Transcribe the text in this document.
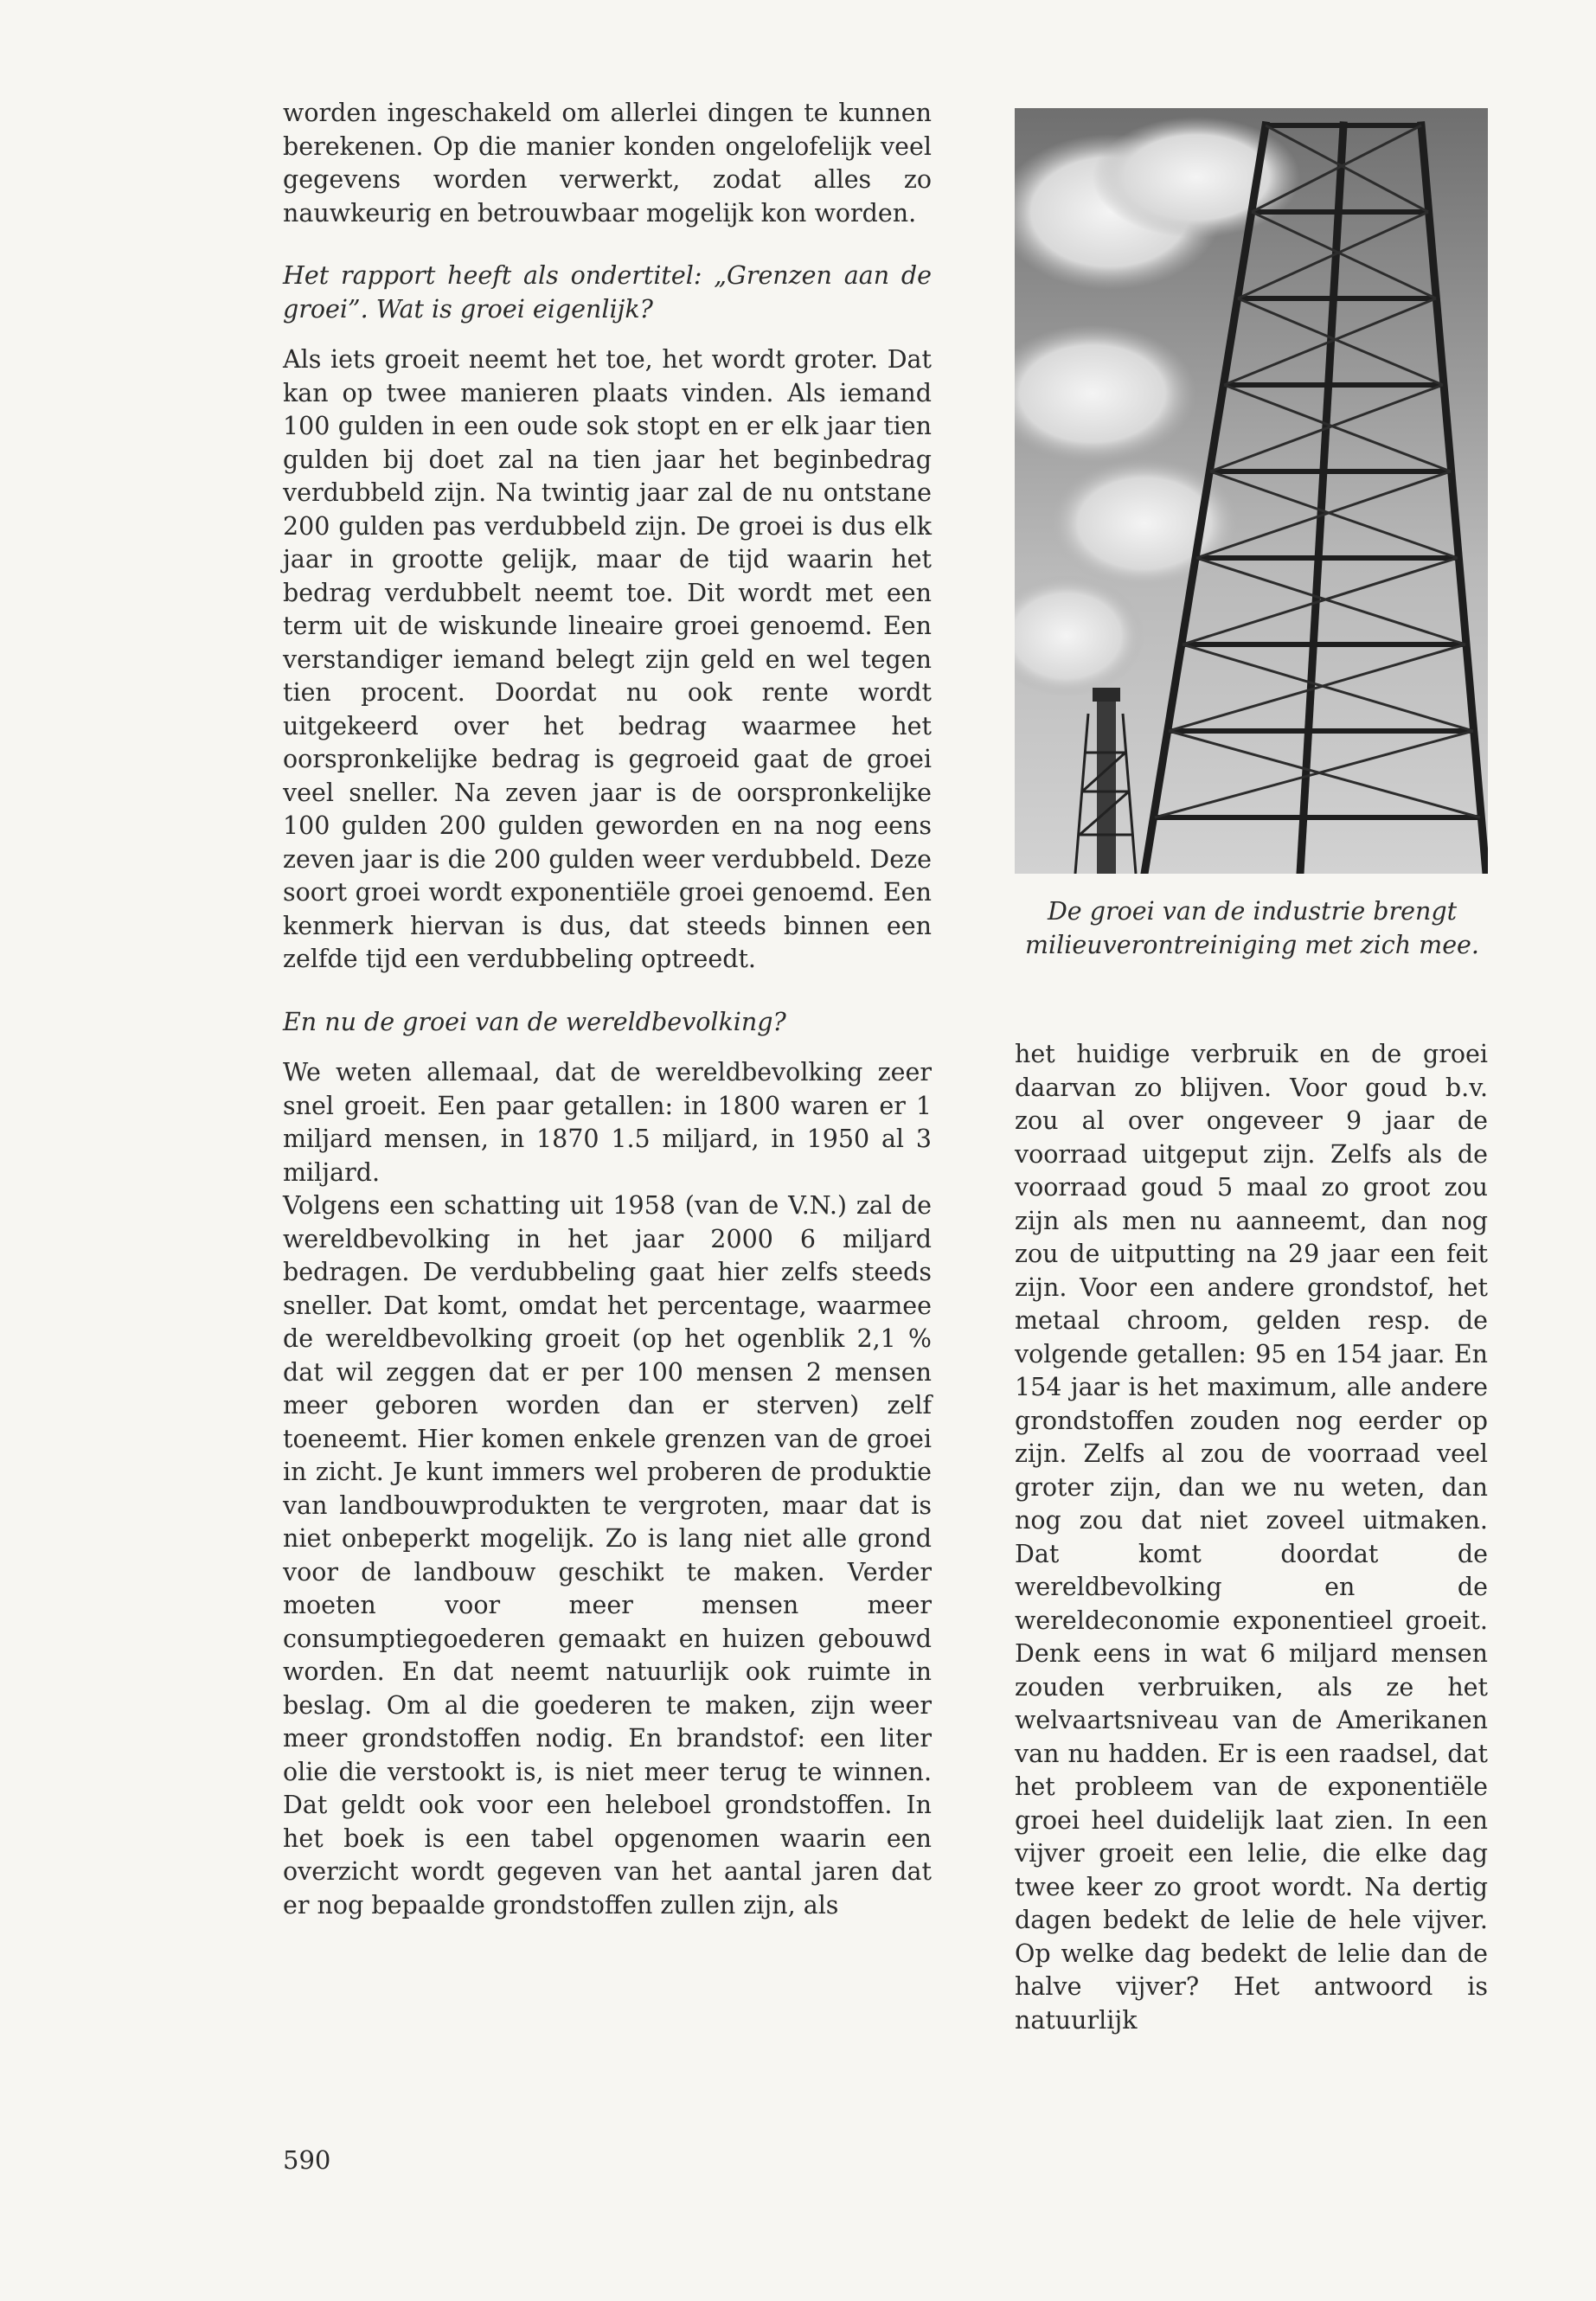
worden ingeschakeld om allerlei dingen te kunnen berekenen. Op die manier konden ongelofelijk veel gegevens worden verwerkt, zodat alles zo nauwkeurig en betrouwbaar mogelijk kon worden.

Het rapport heeft als ondertitel: „Grenzen aan de groei”. Wat is groei eigenlijk?

Als iets groeit neemt het toe, het wordt groter. Dat kan op twee manieren plaats vinden. Als iemand 100 gulden in een oude sok stopt en er elk jaar tien gulden bij doet zal na tien jaar het beginbedrag verdubbeld zijn. Na twintig jaar zal de nu ontstane 200 gulden pas verdubbeld zijn. De groei is dus elk jaar in grootte gelijk, maar de tijd waarin het bedrag verdubbelt neemt toe. Dit wordt met een term uit de wiskunde lineaire groei genoemd. Een verstandiger iemand belegt zijn geld en wel tegen tien procent. Doordat nu ook rente wordt uitgekeerd over het bedrag waarmee het oorspronkelijke bedrag is gegroeid gaat de groei veel sneller. Na zeven jaar is de oorspronkelijke 100 gulden 200 gulden geworden en na nog eens zeven jaar is die 200 gulden weer verdubbeld. Deze soort groei wordt exponentiële groei genoemd. Een kenmerk hiervan is dus, dat steeds binnen een zelfde tijd een verdubbeling optreedt.

En nu de groei van de wereldbevolking?

We weten allemaal, dat de wereldbevolking zeer snel groeit. Een paar getallen: in 1800 waren er 1 miljard mensen, in 1870 1.5 miljard, in 1950 al 3 miljard.

Volgens een schatting uit 1958 (van de V.N.) zal de wereldbevolking in het jaar 2000 6 miljard bedragen. De verdubbeling gaat hier zelfs steeds sneller. Dat komt, omdat het percentage, waarmee de wereldbevolking groeit (op het ogenblik 2,1 % dat wil zeggen dat er per 100 mensen 2 mensen meer geboren worden dan er sterven) zelf toeneemt. Hier komen enkele grenzen van de groei in zicht. Je kunt immers wel proberen de produktie van landbouwprodukten te vergroten, maar dat is niet onbeperkt mogelijk. Zo is lang niet alle grond voor de landbouw geschikt te maken. Verder moeten voor meer mensen meer consumptiegoederen gemaakt en huizen gebouwd worden. En dat neemt natuurlijk ook ruimte in beslag. Om al die goederen te maken, zijn weer meer grondstoffen nodig. En brandstof: een liter olie die verstookt is, is niet meer terug te winnen. Dat geldt ook voor een heleboel grondstoffen. In het boek is een tabel opgenomen waarin een overzicht wordt gegeven van het aantal jaren dat er nog bepaalde grondstoffen zullen zijn, als

De groei van de industrie brengt milieuverontreiniging met zich mee.

het huidige verbruik en de groei daarvan zo blijven. Voor goud b.v. zou al over ongeveer 9 jaar de voorraad uitgeput zijn. Zelfs als de voorraad goud 5 maal zo groot zou zijn als men nu aanneemt, dan nog zou de uitputting na 29 jaar een feit zijn. Voor een andere grondstof, het metaal chroom, gelden resp. de volgende getallen: 95 en 154 jaar. En 154 jaar is het maximum, alle andere grondstoffen zouden nog eerder op zijn. Zelfs al zou de voorraad veel groter zijn, dan we nu weten, dan nog zou dat niet zoveel uitmaken. Dat komt doordat de wereldbevolking en de wereldeconomie exponentieel groeit. Denk eens in wat 6 miljard mensen zouden verbruiken, als ze het welvaartsniveau van de Amerikanen van nu hadden. Er is een raadsel, dat het probleem van de exponentiële groei heel duidelijk laat zien. In een vijver groeit een lelie, die elke dag twee keer zo groot wordt. Na dertig dagen bedekt de lelie de hele vijver. Op welke dag bedekt de lelie dan de halve vijver? Het antwoord is natuurlijk

590
